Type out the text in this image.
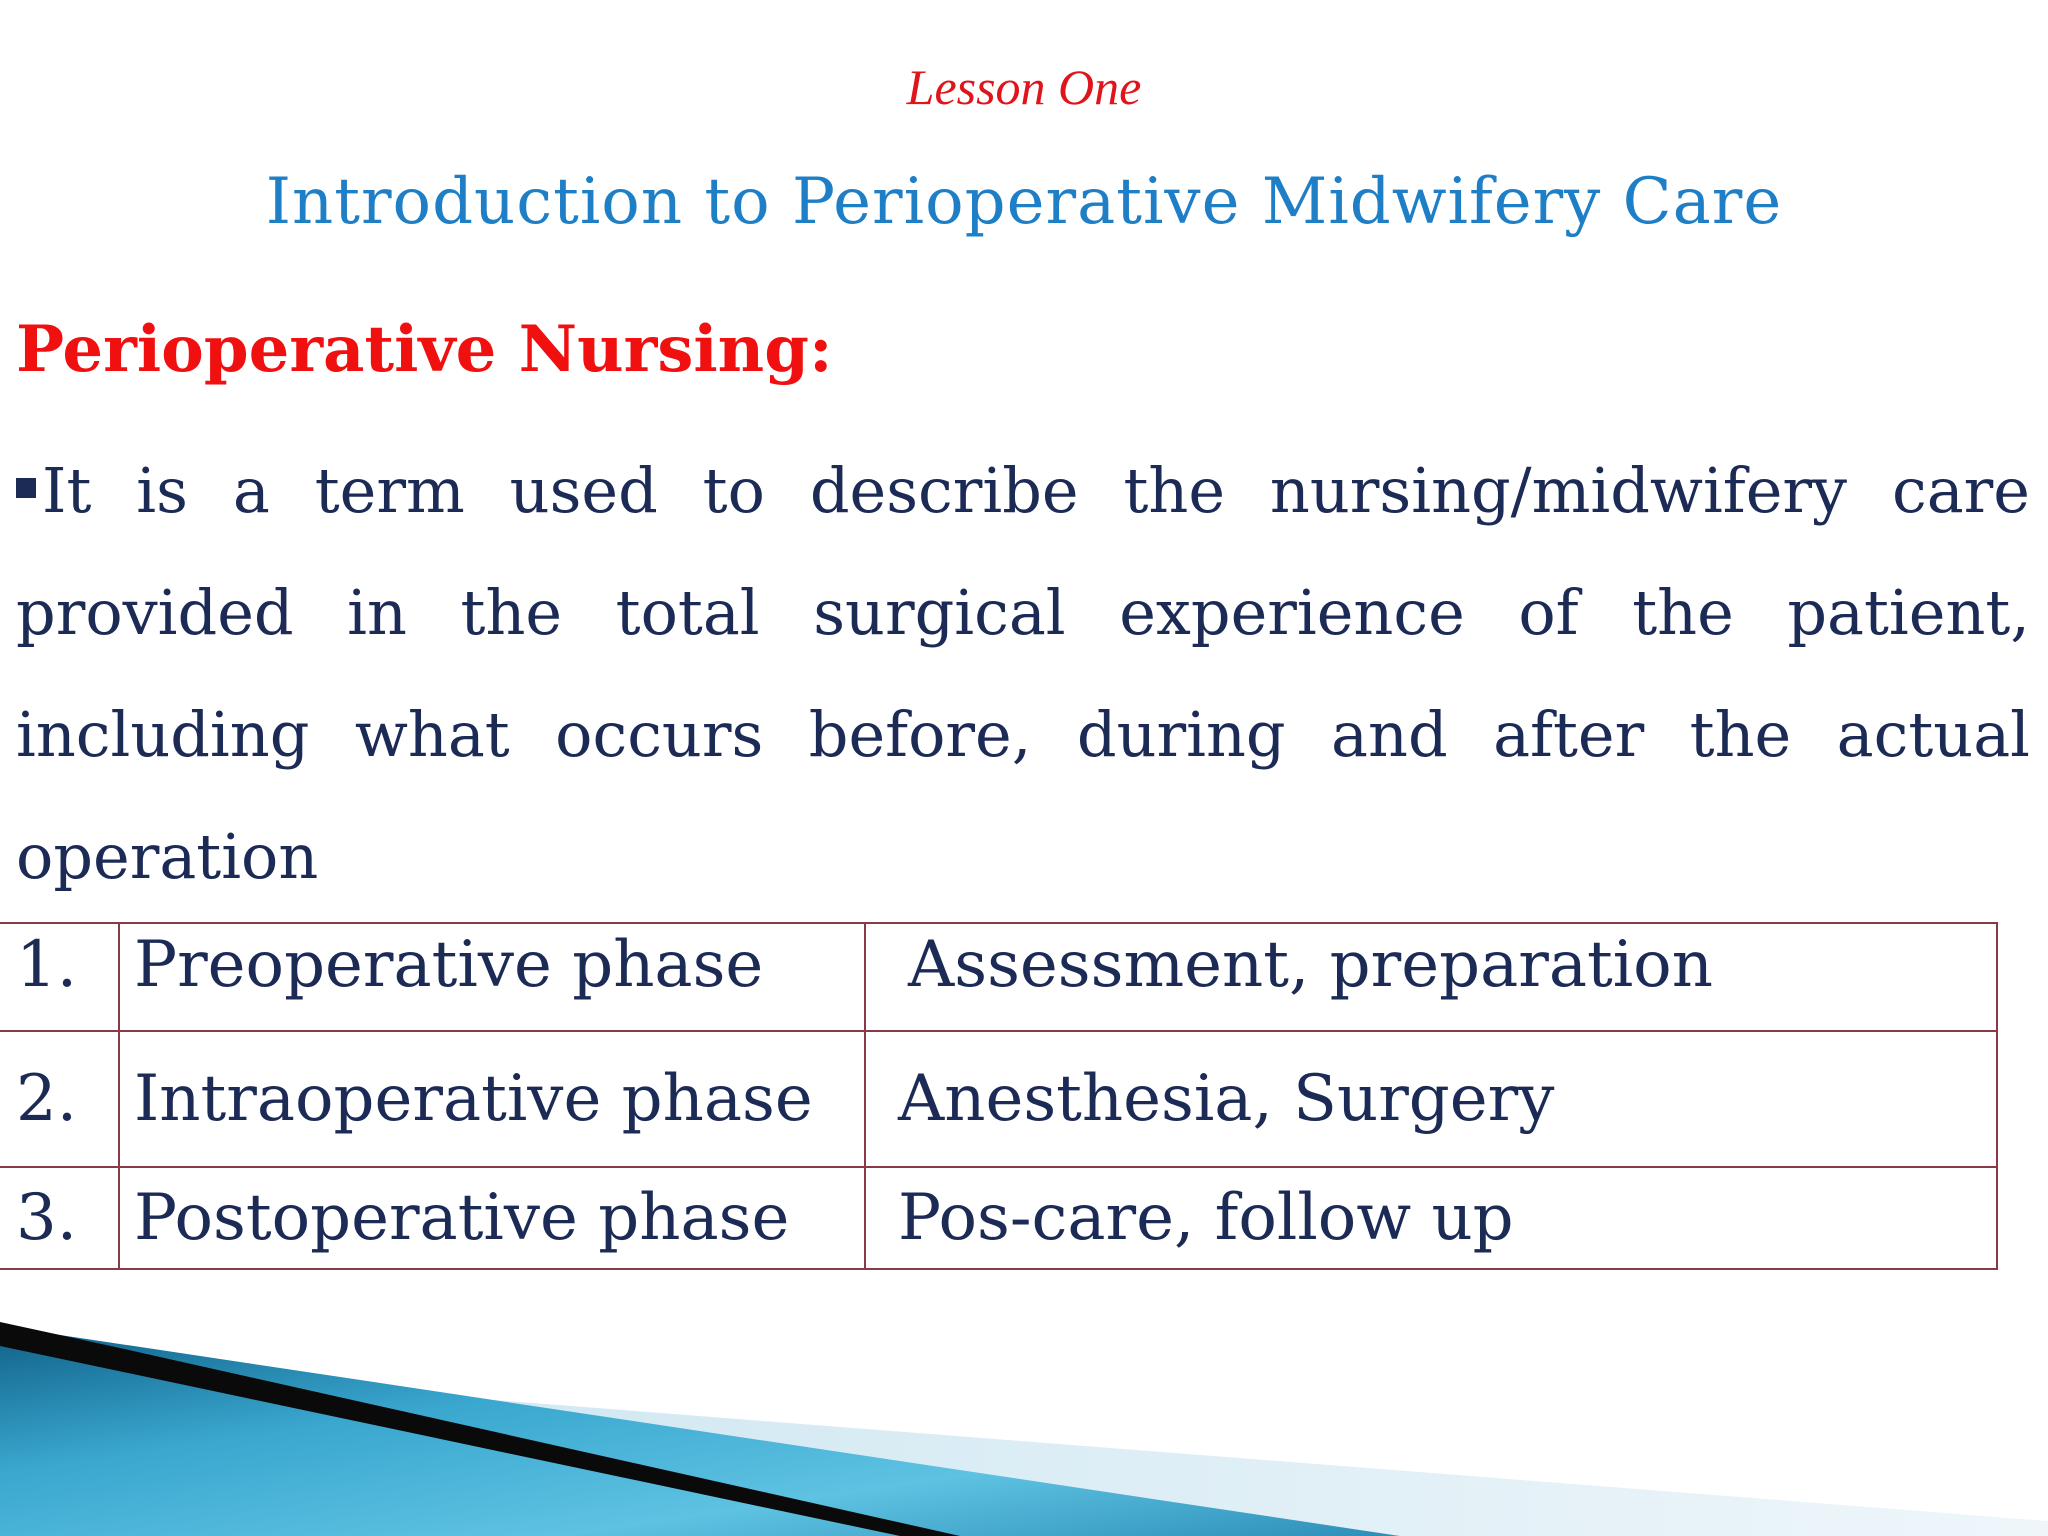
Lesson One
Introduction to Perioperative Midwifery Care
Perioperative Nursing:
It is a term used to describe the nursing/midwifery care provided in the total surgical experience of the patient, including what occurs before, during and after the actual operation
1.	Preoperative phase	Assessment, preparation
2.	Intraoperative phase	Anesthesia, Surgery
3.	Postoperative phase	Pos-care, follow up
